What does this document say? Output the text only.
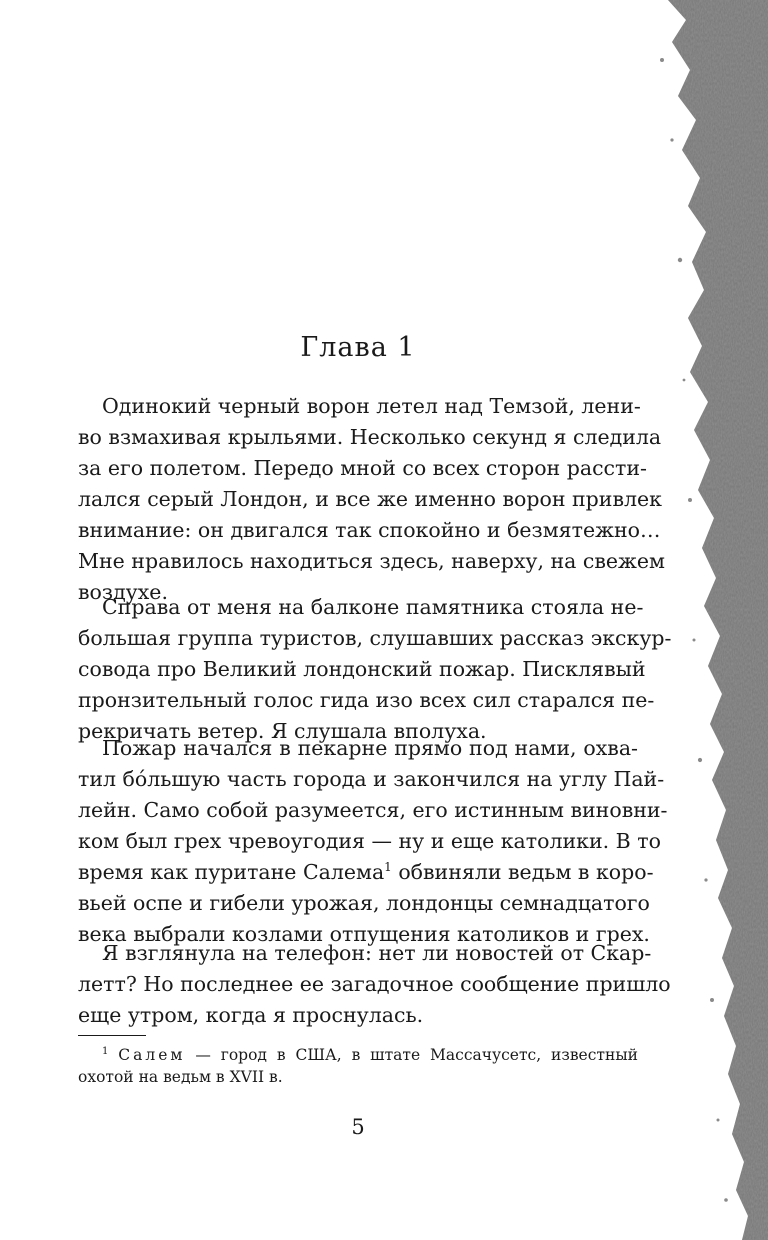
Глава 1
Одинокий черный ворон летел над Темзой, лени-
во взмахивая крыльями. Несколько секунд я следила
за его полетом. Передо мной со всех сторон рассти-
лался серый Лондон, и все же именно ворон привлек
внимание: он двигался так спокойно и безмятежно…
Мне нравилось находиться здесь, наверху, на свежем
воздухе.
Справа от меня на балконе памятника стояла не-
большая группа туристов, слушавших рассказ экскур-
совода про Великий лондонский пожар. Писклявый
пронзительный голос гида изо всех сил старался пе-
рекричать ветер. Я слушала вполуха.
Пожар начался в пекарне прямо под нами, охва-
тил бóльшую часть города и закончился на углу Пай-
лейн. Само собой разумеется, его истинным виновни-
ком был грех чревоугодия — ну и еще католики. В то
время как пуритане Салема$^1$ обвиняли ведьм в коро-
вьей оспе и гибели урожая, лондонцы семнадцатого
века выбрали козлами отпущения католиков и грех.
Я взглянула на телефон: нет ли новостей от Скар-
летт? Но последнее ее загадочное сообщение пришло
еще утром, когда я проснулась.
$^1$ Салем — город в США, в штате Массачусетс, известный
охотой на ведьм в XVII в.
5
